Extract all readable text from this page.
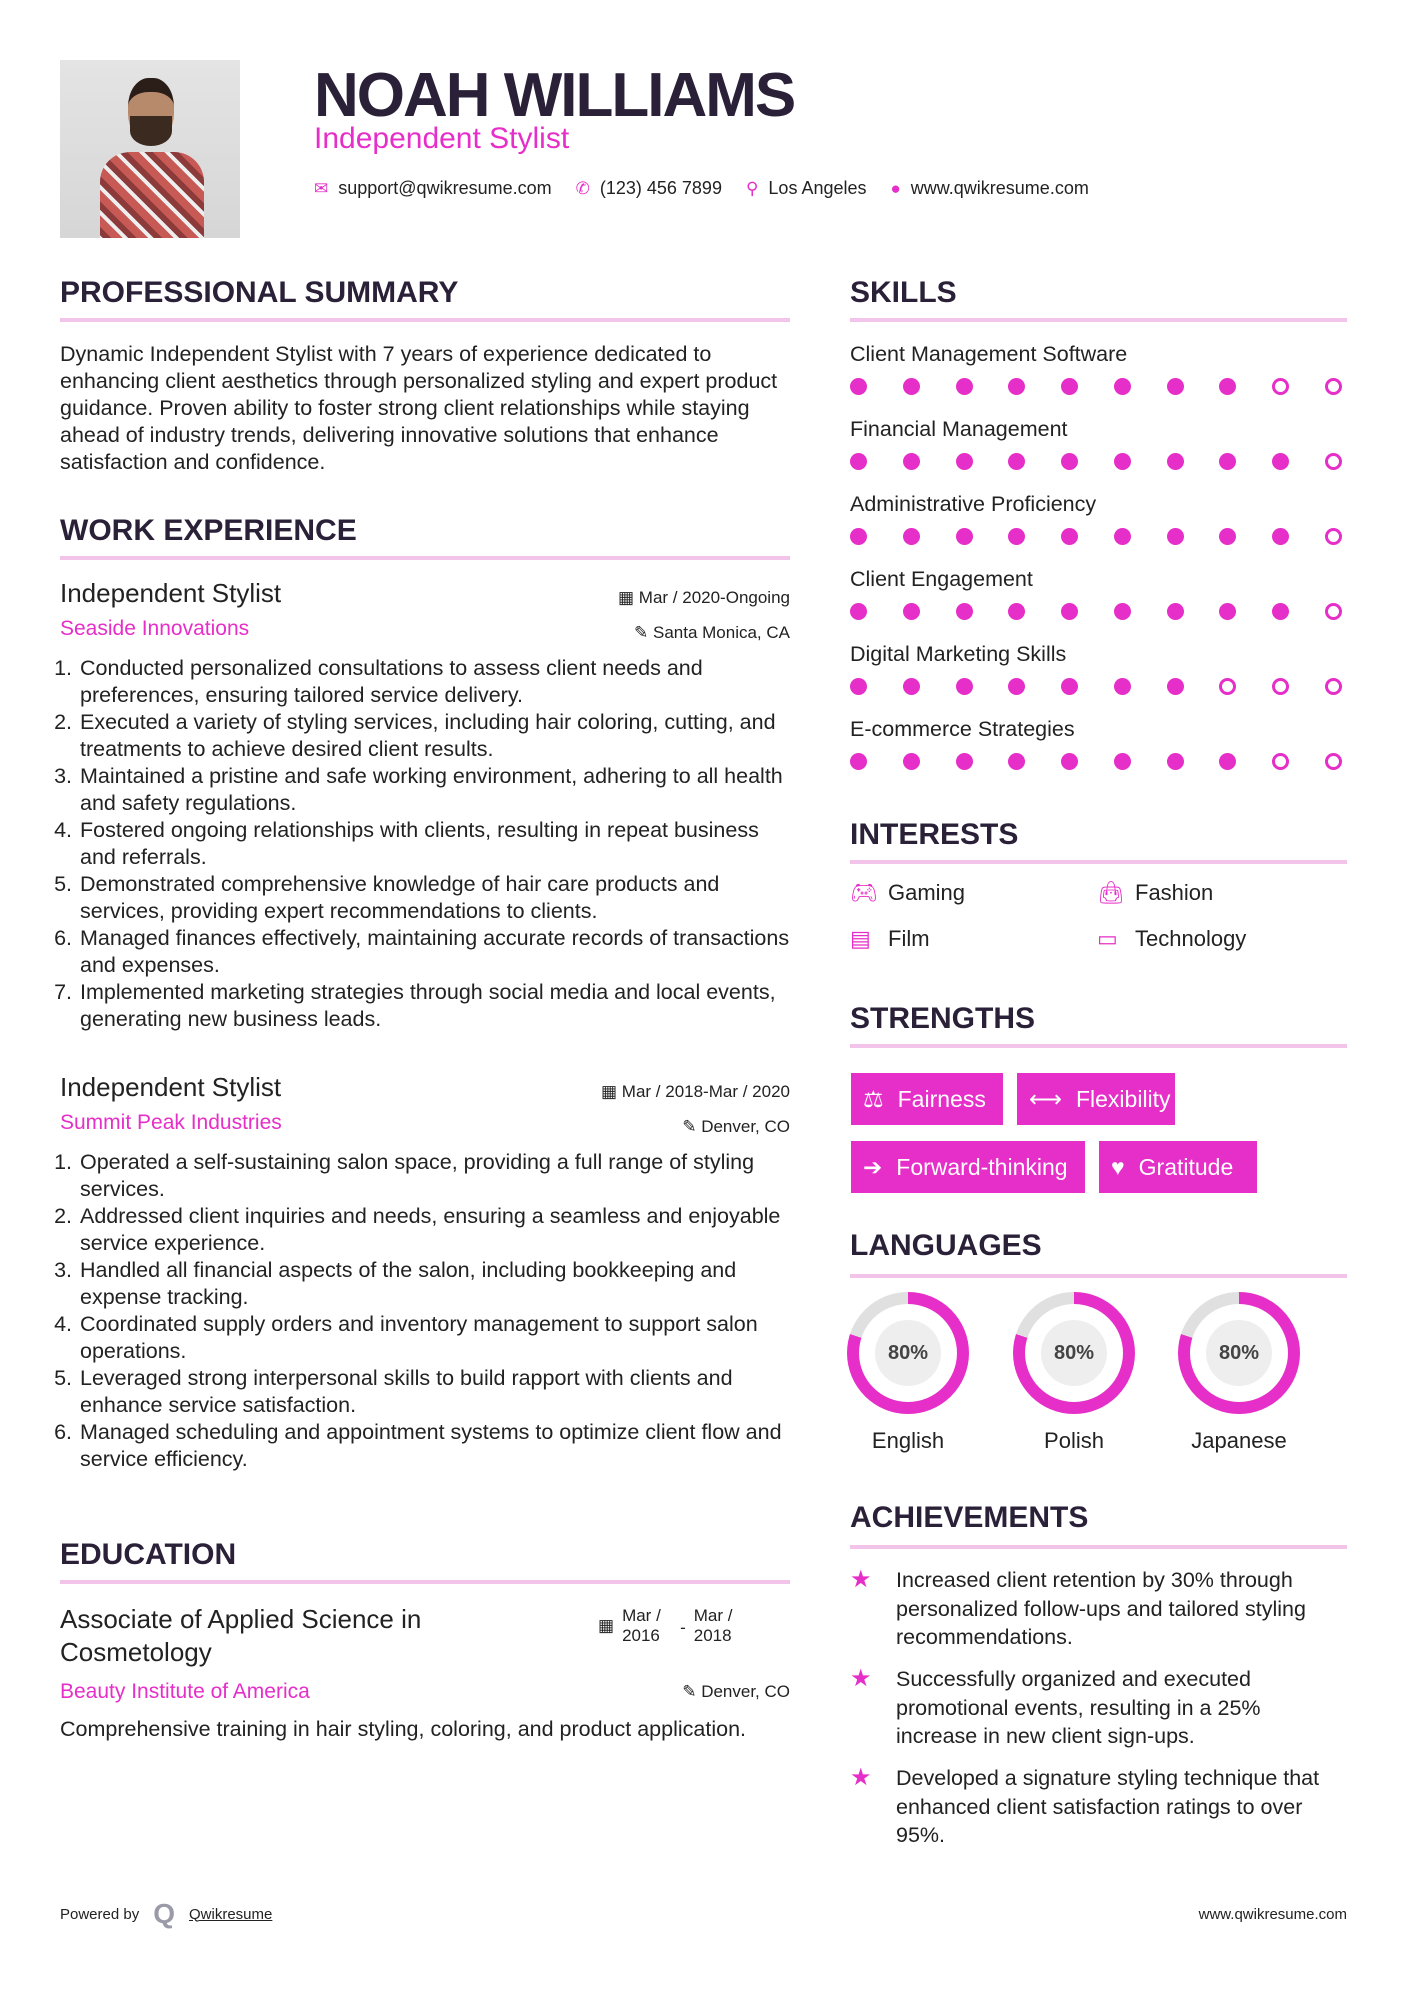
NOAH WILLIAMS
Independent Stylist
✉ support@qwikresume.com ✆ (123) 456 7899 ⚲ Los Angeles ● www.qwikresume.com
PROFESSIONAL SUMMARY
Dynamic Independent Stylist with 7 years of experience dedicated to enhancing client aesthetics through personalized styling and expert product guidance. Proven ability to foster strong client relationships while staying ahead of industry trends, delivering innovative solutions that enhance satisfaction and confidence.
WORK EXPERIENCE
Independent Stylist
Seaside Innovations
▦ Mar / 2020-Ongoing
✎ Santa Monica, CA
1. Conducted personalized consultations to assess client needs and preferences, ensuring tailored service delivery.
2. Executed a variety of styling services, including hair coloring, cutting, and treatments to achieve desired client results.
3. Maintained a pristine and safe working environment, adhering to all health and safety regulations.
4. Fostered ongoing relationships with clients, resulting in repeat business and referrals.
5. Demonstrated comprehensive knowledge of hair care products and services, providing expert recommendations to clients.
6. Managed finances effectively, maintaining accurate records of transactions and expenses.
7. Implemented marketing strategies through social media and local events, generating new business leads.
Independent Stylist
Summit Peak Industries
▦ Mar / 2018-Mar / 2020
✎ Denver, CO
1. Operated a self-sustaining salon space, providing a full range of styling services.
2. Addressed client inquiries and needs, ensuring a seamless and enjoyable service experience.
3. Handled all financial aspects of the salon, including bookkeeping and expense tracking.
4. Coordinated supply orders and inventory management to support salon operations.
5. Leveraged strong interpersonal skills to build rapport with clients and enhance service satisfaction.
6. Managed scheduling and appointment systems to optimize client flow and service efficiency.
EDUCATION
Associate of Applied Science in Cosmetology
▦
Mar / 2016	-
Mar / 2018
Beauty Institute of America	✎ Denver, CO
Comprehensive training in hair styling, coloring, and product application.
SKILLS
Client Management Software
Financial Management
Administrative Proficiency
Client Engagement
Digital Marketing Skills
E-commerce Strategies
INTERESTS
🎮︎ Gaming	👜︎ Fashion
▤ Film	▭ Technology
STRENGTHS
⚖ Fairness ⟷ Flexibility
➔ Forward-thinking ♥ Gratitude
LANGUAGES
80%
English
80%
Polish
80%
Japanese
ACHIEVEMENTS
★	Increased client retention by 30% through personalized follow-ups and tailored styling recommendations.
★	Successfully organized and executed promotional events, resulting in a 25% increase in new client sign-ups.
★	Developed a signature styling technique that enhanced client satisfaction ratings to over 95%.
Powered by Q Qwikresume	www.qwikresume.com
